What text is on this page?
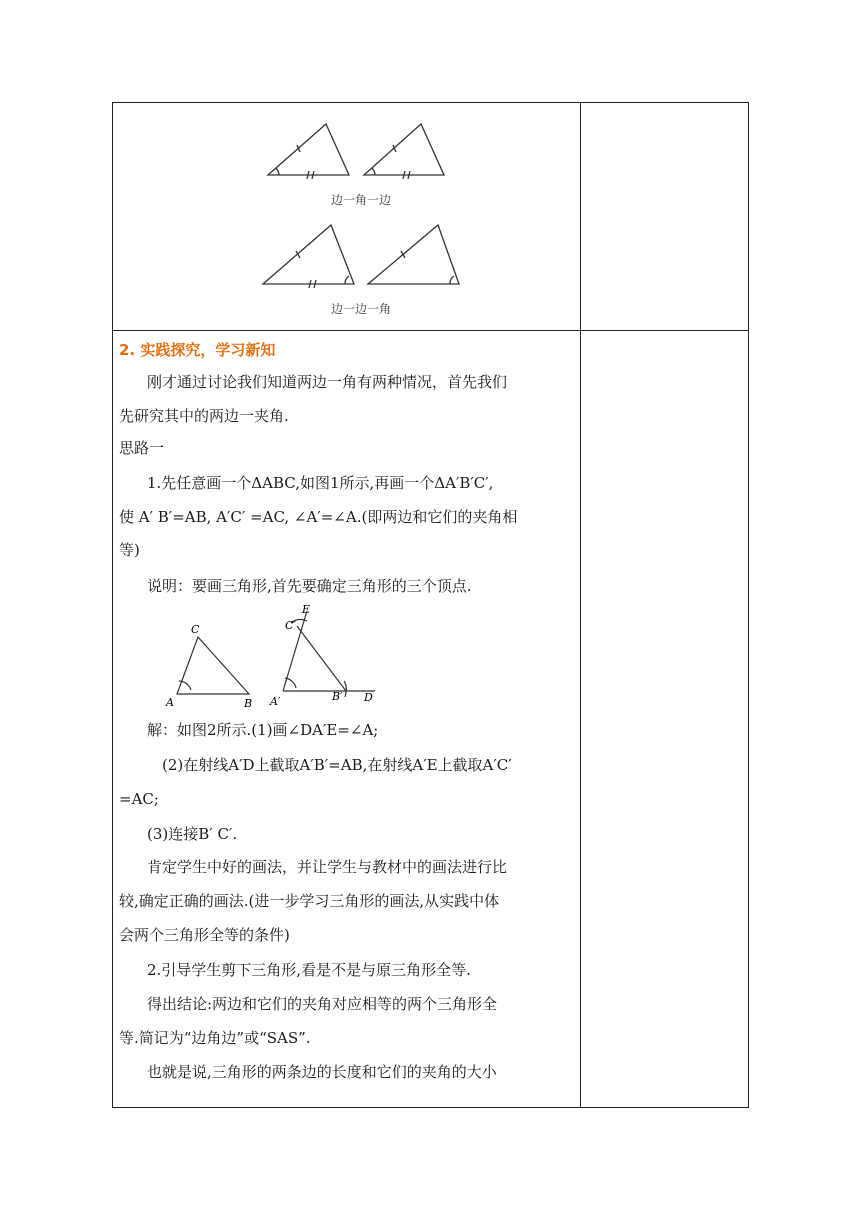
边一角一边
边一边一角
2. 实践探究，学习新知
刚才通过讨论我们知道两边一角有两种情况，首先我们
先研究其中的两边一夹角.
思路一
1.先任意画一个ΔABC,如图1所示,再画一个ΔA′B′C′,
使 A′ B′=AB, A′C′ =AC, ∠A′=∠A.(即两边和它们的夹角相
等)
说明：要画三角形,首先要确定三角形的三个顶点.
C
A	B
E
C′
A′	B′ D
解：如图2所示.(1)画∠DA′E=∠A;
(2)在射线A′D上截取A′B′=AB,在射线A′E上截取A′C′
=AC;
(3)连接B′ C′.
肯定学生中好的画法，并让学生与教材中的画法进行比
较,确定正确的画法.(进一步学习三角形的画法,从实践中体
会两个三角形全等的条件)
2.引导学生剪下三角形,看是不是与原三角形全等.
得出结论:两边和它们的夹角对应相等的两个三角形全
等.简记为“边角边”或“SAS”.
也就是说,三角形的两条边的长度和它们的夹角的大小
